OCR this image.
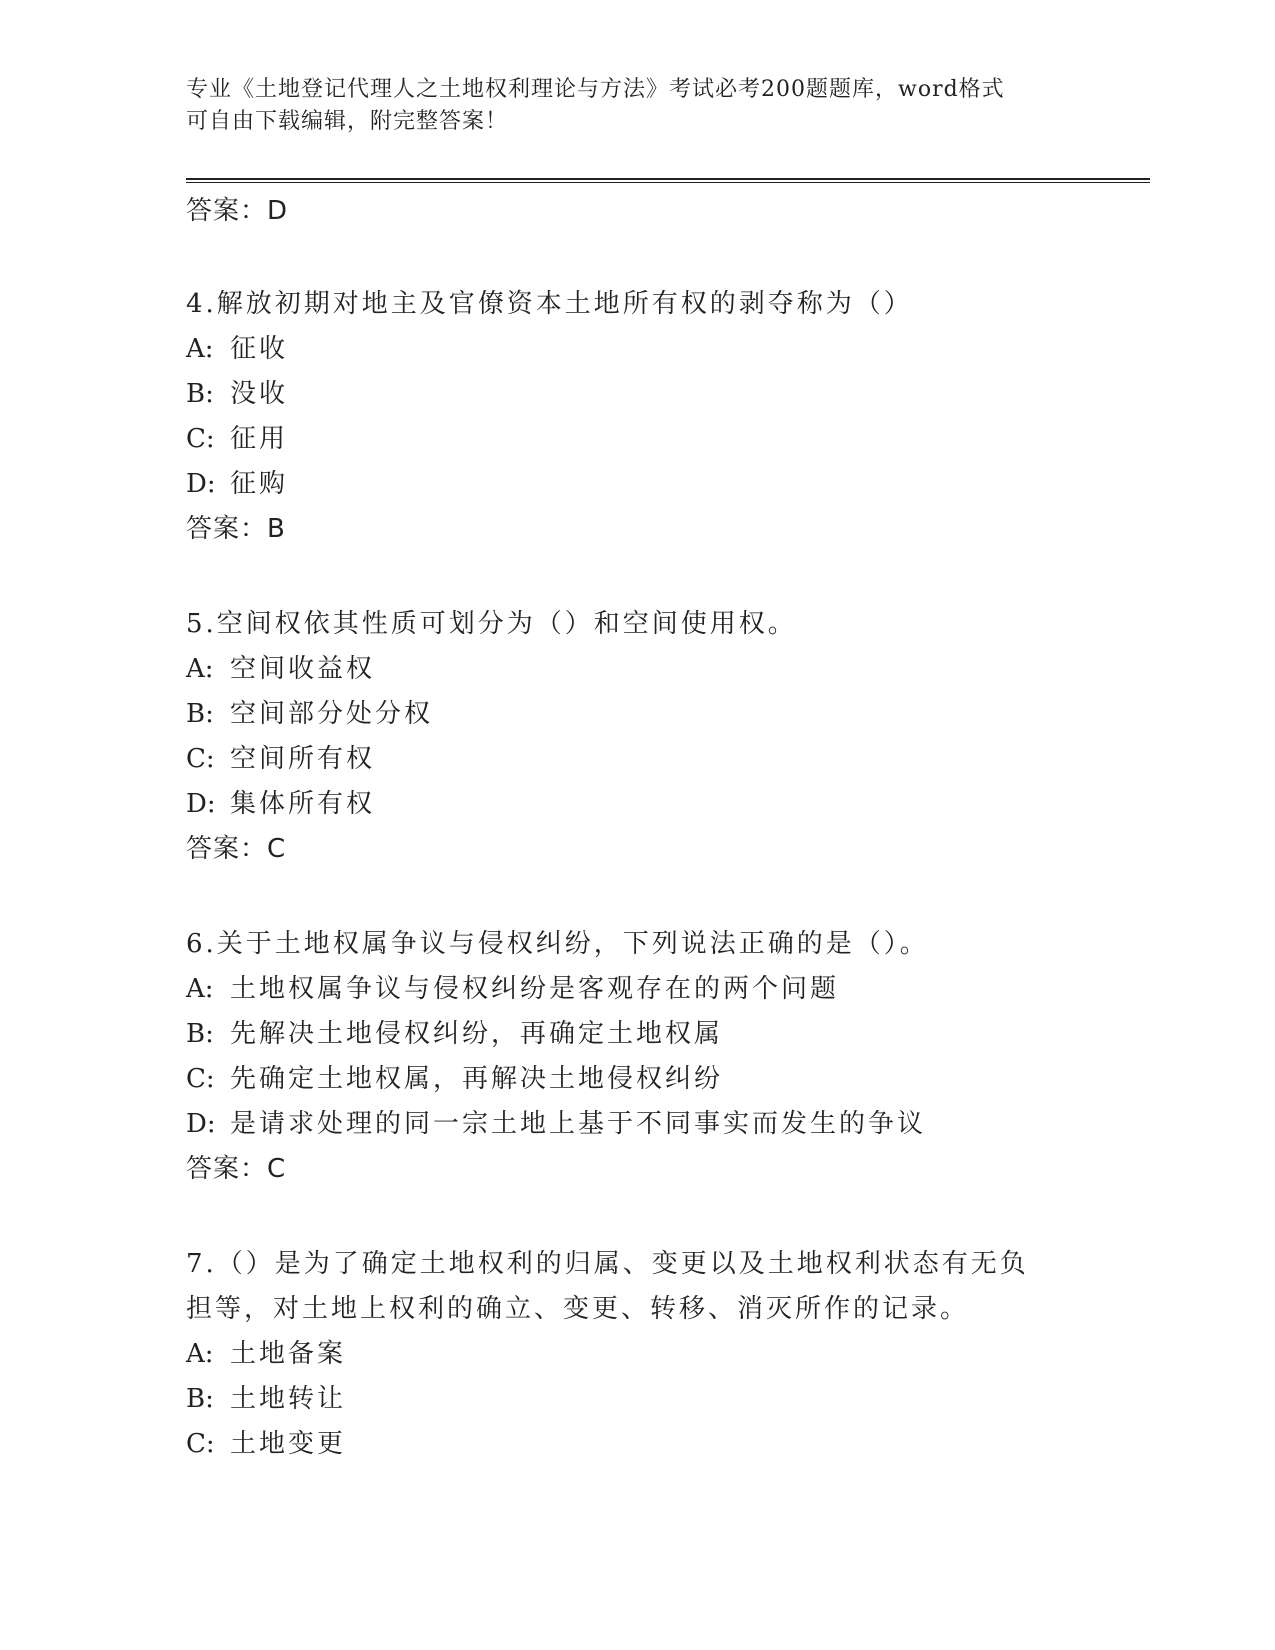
专业《土地登记代理人之土地权利理论与方法》考试必考200题题库，word格式
可自由下载编辑，附完整答案！
答案：D
4.解放初期对地主及官僚资本土地所有权的剥夺称为（）
A: 征收
B: 没收
C: 征用
D: 征购
答案：B
5.空间权依其性质可划分为（）和空间使用权。
A: 空间收益权
B: 空间部分处分权
C: 空间所有权
D: 集体所有权
答案：C
6.关于土地权属争议与侵权纠纷，下列说法正确的是（）。
A: 土地权属争议与侵权纠纷是客观存在的两个问题
B: 先解决土地侵权纠纷，再确定土地权属
C: 先确定土地权属，再解决土地侵权纠纷
D: 是请求处理的同一宗土地上基于不同事实而发生的争议
答案：C
7.（）是为了确定土地权利的归属、变更以及土地权利状态有无负担等，对土地上权利的确立、变更、转移、消灭所作的记录。
A: 土地备案
B: 土地转让
C: 土地变更
